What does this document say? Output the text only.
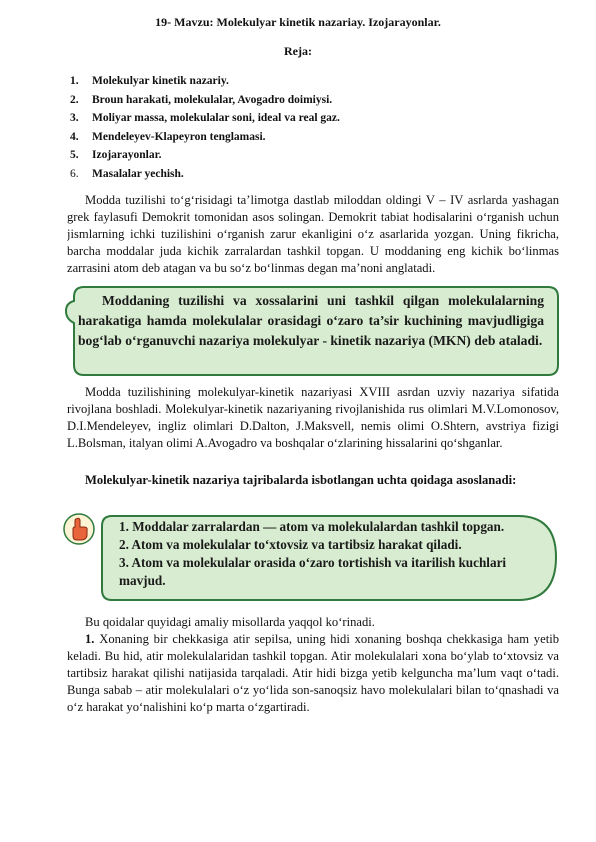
19- Mavzu: Molekulyar kinetik nazariay. Izojarayonlar.
Reja:
1. Molekulyar kinetik nazariy.
2. Broun harakati, molekulalar, Avogadro doimiysi.
3. Moliyar massa, molekulalar soni, ideal va real gaz.
4. Mendeleyev-Klapeyron tenglamasi.
5. Izojarayonlar.
6. Masalalar yechish.

Modda tuzilishi to‘g‘risidagi ta’limotga dastlab miloddan oldingi V – IV asrlarda yashagan grek faylasufi Demokrit tomonidan asos solingan. Demokrit tabiat hodisalarini o‘rganish uchun jismlarning ichki tuzilishini o‘rganish zarur ekanligini o‘z asarlarida yozgan. Uning fikricha, barcha moddalar juda kichik zarralardan tashkil topgan. U moddaning eng kichik bo‘linmas zarrasini atom deb atagan va bu so‘z bo‘linmas degan ma’noni anglatadi.

Moddaning tuzilishi va xossalarini uni tashkil qilgan molekulalarning harakatiga hamda molekulalar orasidagi o‘zaro ta’sir kuchining mavjudligiga bog‘lab o‘rganuvchi nazariya molekulyar - kinetik nazariya (MKN) deb ataladi.

Modda tuzilishining molekulyar-kinetik nazariyasi XVIII asrdan uzviy nazariya sifatida rivojlana boshladi. Molekulyar-kinetik nazariyaning rivojlanishida rus olimlari M.V.Lomonosov, D.I.Mendeleyev, ingliz olimlari D.Dalton, J.Maksvell, nemis olimi O.Shtern, avstriya fizigi L.Bolsman, italyan olimi A.Avogadro va boshqalar o‘zlarining hissalarini qo‘shganlar.

Molekulyar-kinetik nazariya tajribalarda isbotlangan uchta qoidaga asoslanadi:

1. Moddalar zarralardan — atom va molekulalardan tashkil topgan.
2. Atom va molekulalar to‘xtovsiz va tartibsiz harakat qiladi.
3. Atom va molekulalar orasida o‘zaro tortishish va itarilish kuchlari mavjud.
Bu qoidalar quyidagi amaliy misollarda yaqqol ko‘rinadi.
1. Xonaning bir chekkasiga atir sepilsa, uning hidi xonaning boshqa chekkasiga ham yetib keladi. Bu hid, atir molekulalaridan tashkil topgan. Atir molekulalari xona bo‘ylab to‘xtovsiz va tartibsiz harakat qilishi natijasida tarqaladi. Atir hidi bizga yetib kelguncha ma’lum vaqt o‘tadi. Bunga sabab – atir molekulalari o‘z yo‘lida son-sanoqsiz havo molekulalari bilan to‘qnashadi va o‘z harakat yo‘nalishini ko‘p marta o‘zgartiradi.
